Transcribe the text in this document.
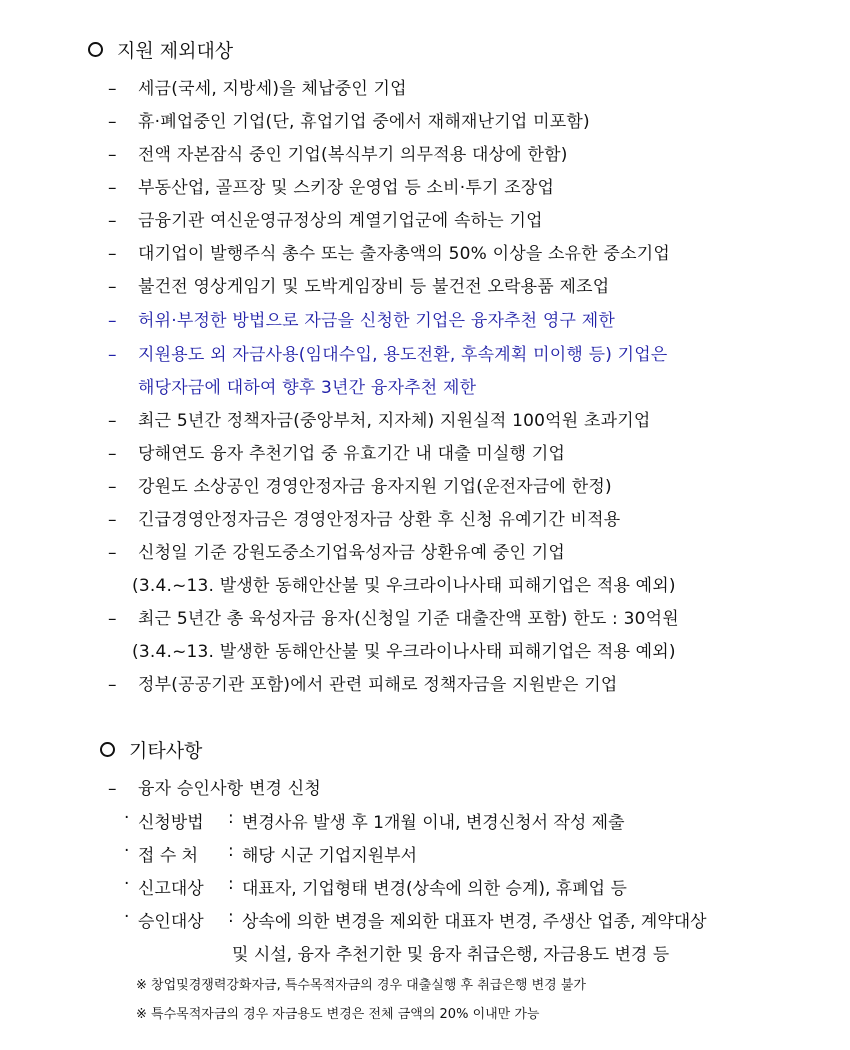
지원 제외대상
– 세금(국세, 지방세)을 체납중인 기업
– 휴·폐업중인 기업(단, 휴업기업 중에서 재해재난기업 미포함)
– 전액 자본잠식 중인 기업(복식부기 의무적용 대상에 한함)
– 부동산업, 골프장 및 스키장 운영업 등 소비·투기 조장업
– 금융기관 여신운영규정상의 계열기업군에 속하는 기업
– 대기업이 발행주식 총수 또는 출자총액의 50% 이상을 소유한 중소기업
– 불건전 영상게임기 및 도박게임장비 등 불건전 오락용품 제조업
– 허위·부정한 방법으로 자금을 신청한 기업은 융자추천 영구 제한
– 지원용도 외 자금사용(임대수입, 용도전환, 후속계획 미이행 등) 기업은
해당자금에 대하여 향후 3년간 융자추천 제한
– 최근 5년간 정책자금(중앙부처, 지자체) 지원실적 100억원 초과기업
– 당해연도 융자 추천기업 중 유효기간 내 대출 미실행 기업
– 강원도 소상공인 경영안정자금 융자지원 기업(운전자금에 한정)
– 긴급경영안정자금은 경영안정자금 상환 후 신청 유예기간 비적용
– 신청일 기준 강원도중소기업육성자금 상환유예 중인 기업
(3.4.~13. 발생한 동해안산불 및 우크라이나사태 피해기업은 적용 예외)
– 최근 5년간 총 육성자금 융자(신청일 기준 대출잔액 포함) 한도 : 30억원
(3.4.~13. 발생한 동해안산불 및 우크라이나사태 피해기업은 적용 예외)
– 정부(공공기관 포함)에서 관련 피해로 정책자금을 지원받은 기업
기타사항
– 융자 승인사항 변경 신청
· 신청방법	: 변경사유 발생 후 1개월 이내, 변경신청서 작성 제출
· 접 수 처	: 해당 시군 기업지원부서
· 신고대상	: 대표자, 기업형태 변경(상속에 의한 승계), 휴폐업 등
· 승인대상	: 상속에 의한 변경을 제외한 대표자 변경, 주생산 업종, 계약대상
및 시설, 융자 추천기한 및 융자 취급은행, 자금용도 변경 등
※ 창업및경쟁력강화자금, 특수목적자금의 경우 대출실행 후 취급은행 변경 불가
※ 특수목적자금의 경우 자금용도 변경은 전체 금액의 20% 이내만 가능
